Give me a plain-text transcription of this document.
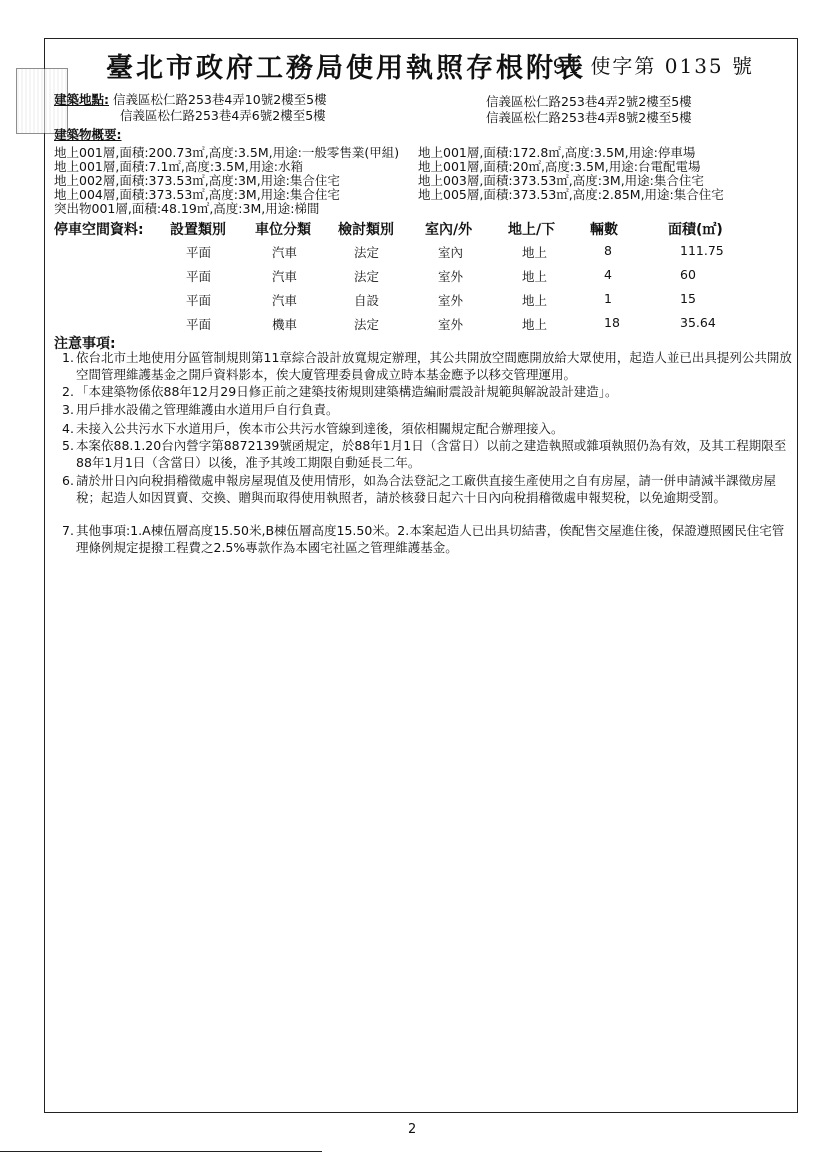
臺北市政府工務局使用執照存根附表
91 使字第 0135 號
建築地點: 信義區松仁路253巷4弄10號2樓至5樓	信義區松仁路253巷4弄2號2樓至5樓
信義區松仁路253巷4弄6號2樓至5樓	信義區松仁路253巷4弄8號2樓至5樓
建築物概要:
地上001層,面積:200.73㎡,高度:3.5M,用途:一般零售業(甲組) 地上001層,面積:172.8㎡,高度:3.5M,用途:停車場
地上001層,面積:7.1㎡,高度:3.5M,用途:水箱	地上001層,面積:20㎡,高度:3.5M,用途:台電配電場
地上002層,面積:373.53㎡,高度:3M,用途:集合住宅	地上003層,面積:373.53㎡,高度:3M,用途:集合住宅
地上004層,面積:373.53㎡,高度:3M,用途:集合住宅	地上005層,面積:373.53㎡,高度:2.85M,用途:集合住宅
突出物001層,面積:48.19㎡,高度:3M,用途:梯間
停車空間資料: 設置類別 車位分類 檢討類別 室內/外	地上/下 輛數	面積(㎡)
平面	汽車	法定	室內	地上	8	111.75
平面	汽車	法定	室外	地上	4	60
平面	汽車	自設	室外	地上	1	15
平面	機車	法定	室外	地上	18	35.64
注意事項:
1. 依台北市土地使用分區管制規則第11章綜合設計放寬規定辦理，其公共開放空間應開放給大眾使用，起造人並已出具提列公共開放空間管理維護基金之開戶資料影本，俟大廈管理委員會成立時本基金應予以移交管理運用。
2. 「本建築物係依88年12月29日修正前之建築技術規則建築構造編耐震設計規範與解說設計建造」。
3. 用戶排水設備之管理維護由水道用戶自行負責。
4. 未接入公共污水下水道用戶，俟本市公共污水管線到達後，須依相關規定配合辦理接入。
5. 本案依88.1.20台內營字第8872139號函規定，於88年1月1日（含當日）以前之建造執照或雜項執照仍為有效，及其工程期限至88年1月1日（含當日）以後，准予其竣工期限自動延長二年。
6. 請於卅日內向稅捐稽徵處申報房屋現值及使用情形，如為合法登記之工廠供直接生產使用之自有房屋，請一併申請減半課徵房屋稅；起造人如因買賣、交換、贈與而取得使用執照者，請於核發日起六十日內向稅捐稽徵處申報契稅，以免逾期受罰。
7. 其他事項:1.A棟伍層高度15.50米,B棟伍層高度15.50米。2.本案起造人已出具切結書，俟配售交屋進住後，保證遵照國民住宅管理條例規定提撥工程費之2.5%專款作為本國宅社區之管理維護基金。
2
